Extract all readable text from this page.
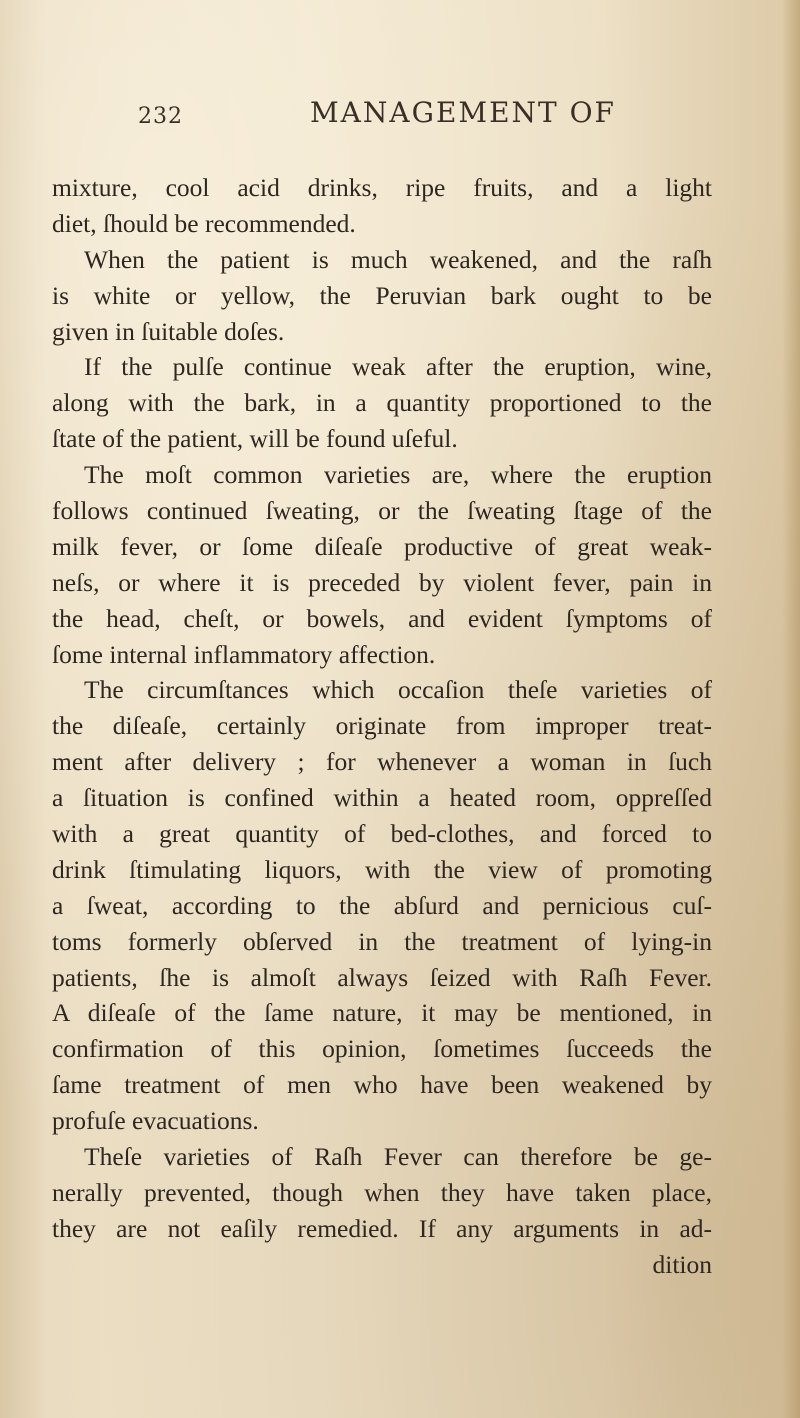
232	MANAGEMENT OF
mixture, cool acid drinks, ripe fruits, and a light
diet, ſhould be recommended.
When the patient is much weakened, and the raſh
is white or yellow, the Peruvian bark ought to be
given in ſuitable doſes.
If the pulſe continue weak after the eruption, wine,
along with the bark, in a quantity proportioned to the
ſtate of the patient, will be found uſeful.
The moſt common varieties are, where the eruption
follows continued ſweating, or the ſweating ſtage of the
milk fever, or ſome diſeaſe productive of great weak-
neſs, or where it is preceded by violent fever, pain in
the head, cheſt, or bowels, and evident ſymptoms of
ſome internal inflammatory affection.
The circumſtances which occaſion theſe varieties of
the diſeaſe, certainly originate from improper treat-
ment after delivery ; for whenever a woman in ſuch
a ſituation is confined within a heated room, oppreſſed
with a great quantity of bed-clothes, and forced to
drink ſtimulating liquors, with the view of promoting
a ſweat, according to the abſurd and pernicious cuſ-
toms formerly obſerved in the treatment of lying-in
patients, ſhe is almoſt always ſeized with Raſh Fever.
A diſeaſe of the ſame nature, it may be mentioned, in
confirmation of this opinion, ſometimes ſucceeds the
ſame treatment of men who have been weakened by
profuſe evacuations.
Theſe varieties of Raſh Fever can therefore be ge-
nerally prevented, though when they have taken place,
they are not eaſily remedied. If any arguments in ad-
dition
